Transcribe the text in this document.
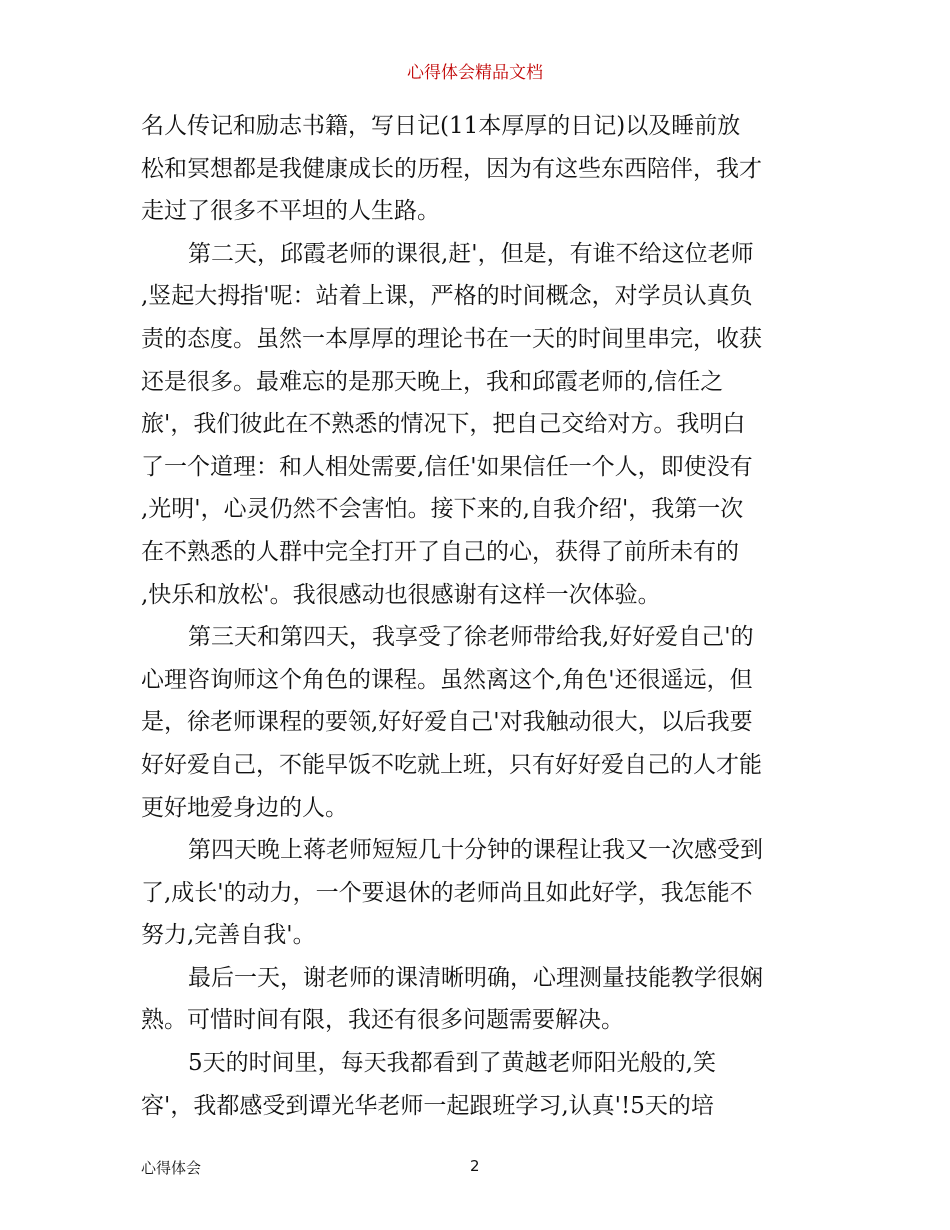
心得体会精品文档
名人传记和励志书籍，写日记(11本厚厚的日记)以及睡前放
松和冥想都是我健康成长的历程，因为有这些东西陪伴，我才
走过了很多不平坦的人生路。
第二天，邱霞老师的课很,赶'，但是，有谁不给这位老师
,竖起大拇指'呢：站着上课，严格的时间概念，对学员认真负
责的态度。虽然一本厚厚的理论书在一天的时间里串完，收获
还是很多。最难忘的是那天晚上，我和邱霞老师的,信任之
旅'，我们彼此在不熟悉的情况下，把自己交给对方。我明白
了一个道理：和人相处需要,信任'如果信任一个人，即使没有
,光明'，心灵仍然不会害怕。接下来的,自我介绍'，我第一次
在不熟悉的人群中完全打开了自己的心，获得了前所未有的
,快乐和放松'。我很感动也很感谢有这样一次体验。
第三天和第四天，我享受了徐老师带给我,好好爱自己'的
心理咨询师这个角色的课程。虽然离这个,角色'还很遥远，但
是，徐老师课程的要领,好好爱自己'对我触动很大，以后我要
好好爱自己，不能早饭不吃就上班，只有好好爱自己的人才能
更好地爱身边的人。
第四天晚上蒋老师短短几十分钟的课程让我又一次感受到
了,成长'的动力，一个要退休的老师尚且如此好学，我怎能不
努力,完善自我'。
最后一天，谢老师的课清晰明确，心理测量技能教学很娴
熟。可惜时间有限，我还有很多问题需要解决。
5天的时间里，每天我都看到了黄越老师阳光般的,笑
容'，我都感受到谭光华老师一起跟班学习,认真'!5天的培
心得体会	2
